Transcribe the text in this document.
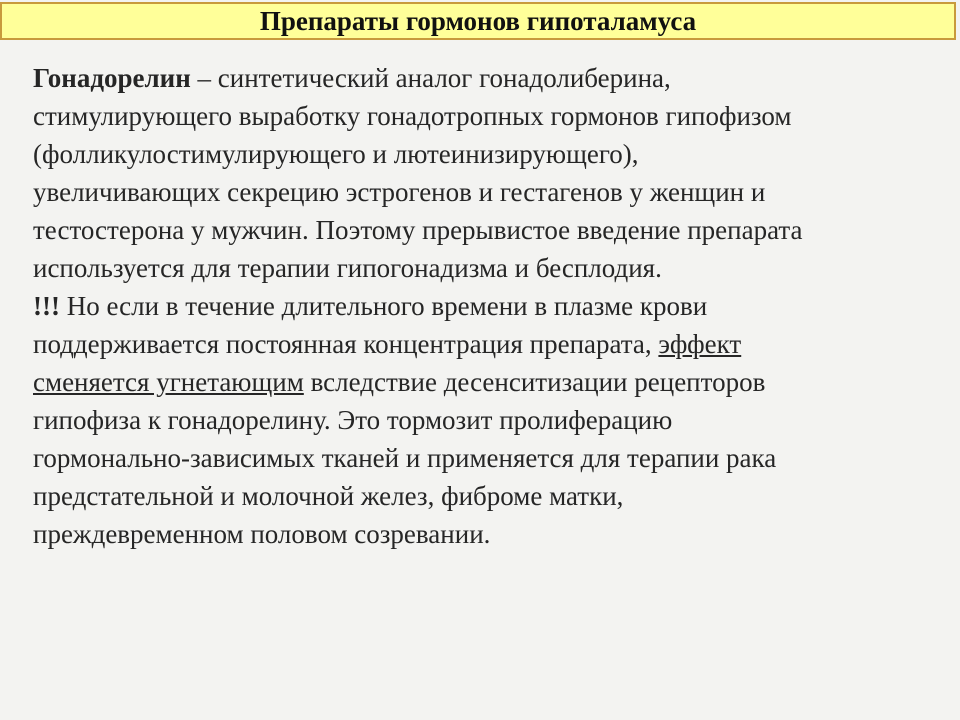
Препараты гормонов гипоталамуса
Гонадорелин – синтетический аналог гонадолиберина,
стимулирующего выработку гонадотропных гормонов гипофизом
(фолликулостимулирующего и лютеинизирующего),
увеличивающих секрецию эстрогенов и гестагенов у женщин и
тестостерона у мужчин. Поэтому прерывистое введение препарата
используется для терапии гипогонадизма и бесплодия.
!!! Но если в течение длительного времени в плазме крови
поддерживается постоянная концентрация препарата, эффект
сменяется угнетающим вследствие десенситизации рецепторов
гипофиза к гонадорелину. Это тормозит пролиферацию
гормонально-зависимых тканей и применяется для терапии рака
предстательной и молочной желез, фиброме матки,
преждевременном половом созревании.
